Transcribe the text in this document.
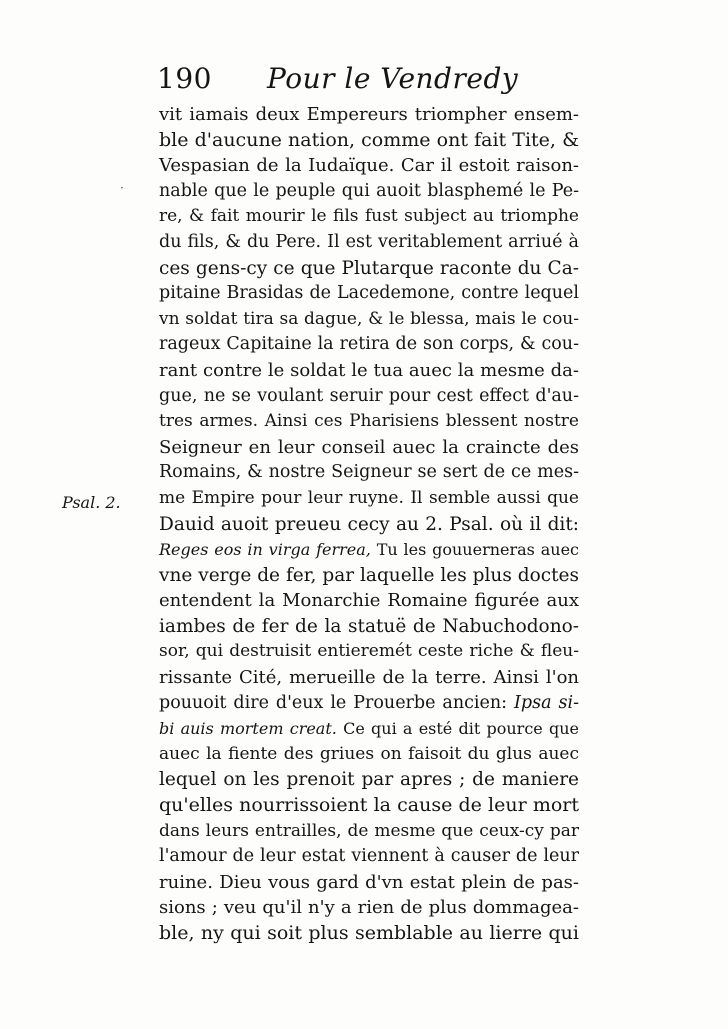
190 Pour le Vendredy
·
Psal. 2.
vit iamais deux Empereurs triompher ensem-
ble d'aucune nation, comme ont fait Tite, &
Vespasian de la Iudaïque. Car il estoit raison-
nable que le peuple qui auoit blasphemé le Pe-
re, & fait mourir le fils fust subject au triomphe
du fils, & du Pere. Il est veritablement arriué à
ces gens-cy ce que Plutarque raconte du Ca-
pitaine Brasidas de Lacedemone, contre lequel
vn soldat tira sa dague, & le blessa, mais le cou-
rageux Capitaine la retira de son corps, & cou-
rant contre le soldat le tua auec la mesme da-
gue, ne se voulant seruir pour cest effect d'au-
tres armes. Ainsi ces Pharisiens blessent nostre
Seigneur en leur conseil auec la craincte des
Romains, & nostre Seigneur se sert de ce mes-
me Empire pour leur ruyne. Il semble aussi que
Dauid auoit preueu cecy au 2. Psal. où il dit:
Reges eos in virga ferrea, Tu les gouuerneras auec
vne verge de fer, par laquelle les plus doctes
entendent la Monarchie Romaine figurée aux
iambes de fer de la statuë de Nabuchodono-
sor, qui destruisit entieremét ceste riche & fleu-
rissante Cité, merueille de la terre. Ainsi l'on
pouuoit dire d'eux le Prouerbe ancien: Ipsa si-
bi auis mortem creat. Ce qui a esté dit pource que
auec la fiente des griues on faisoit du glus auec
lequel on les prenoit par apres ; de maniere
qu'elles nourrissoient la cause de leur mort
dans leurs entrailles, de mesme que ceux-cy par
l'amour de leur estat viennent à causer de leur
ruine. Dieu vous gard d'vn estat plein de pas-
sions ; veu qu'il n'y a rien de plus dommagea-
ble, ny qui soit plus semblable au lierre qui
